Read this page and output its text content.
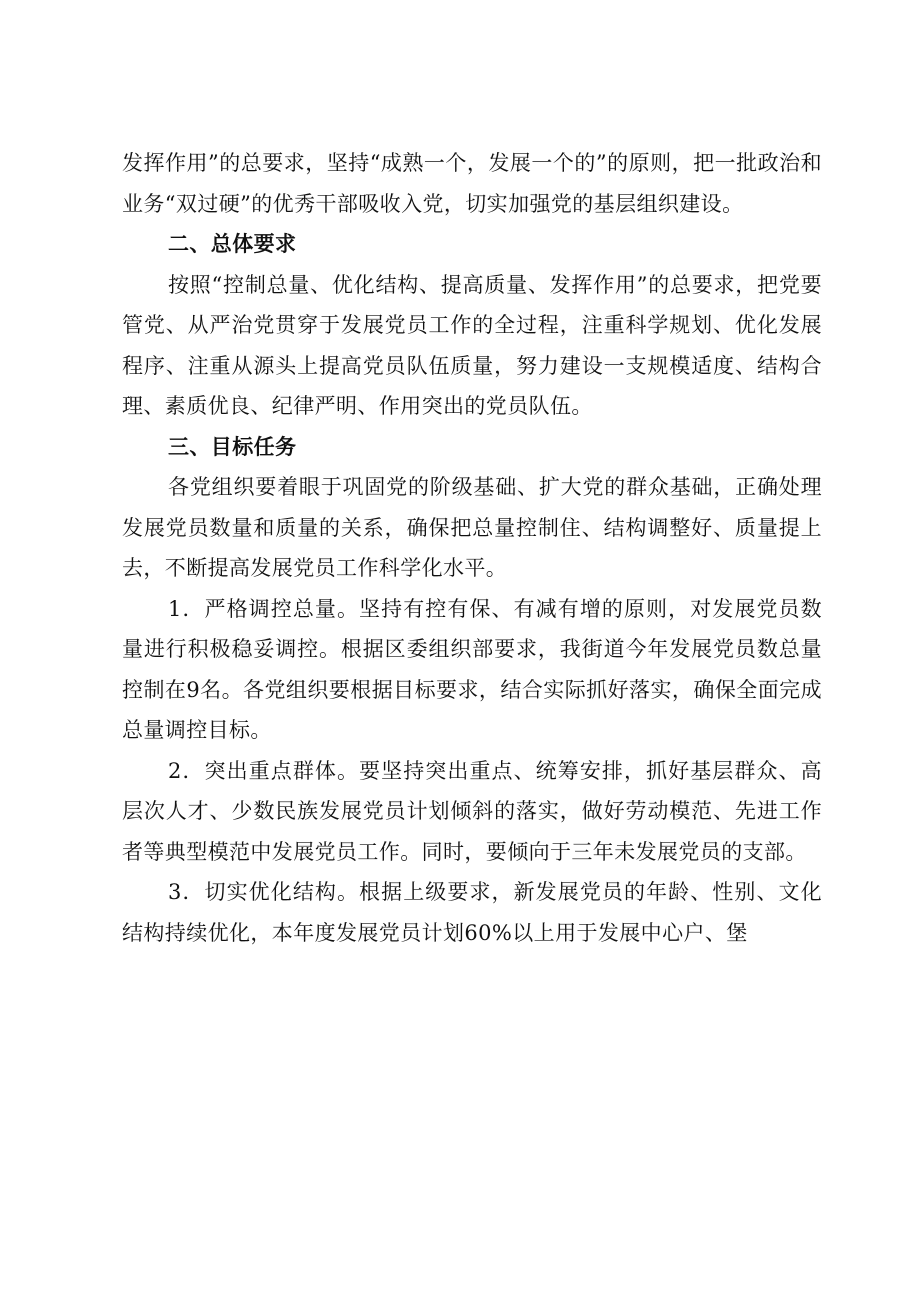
发挥作用”的总要求，坚持“成熟一个，发展一个的”的原则，把一批政治和业务“双过硬”的优秀干部吸收入党，切实加强党的基层组织建设。

二、总体要求

按照“控制总量、优化结构、提高质量、发挥作用”的总要求，把党要管党、从严治党贯穿于发展党员工作的全过程，注重科学规划、优化发展程序、注重从源头上提高党员队伍质量，努力建设一支规模适度、结构合理、素质优良、纪律严明、作用突出的党员队伍。

三、目标任务

各党组织要着眼于巩固党的阶级基础、扩大党的群众基础，正确处理发展党员数量和质量的关系，确保把总量控制住、结构调整好、质量提上去，不断提高发展党员工作科学化水平。

1．严格调控总量。坚持有控有保、有减有增的原则，对发展党员数量进行积极稳妥调控。根据区委组织部要求，我街道今年发展党员数总量控制在9名。各党组织要根据目标要求，结合实际抓好落实，确保全面完成总量调控目标。

2．突出重点群体。要坚持突出重点、统筹安排，抓好基层群众、高层次人才、少数民族发展党员计划倾斜的落实，做好劳动模范、先进工作者等典型模范中发展党员工作。同时，要倾向于三年未发展党员的支部。

3．切实优化结构。根据上级要求，新发展党员的年龄、性别、文化结构持续优化，本年度发展党员计划60%以上用于发展中心户、堡
